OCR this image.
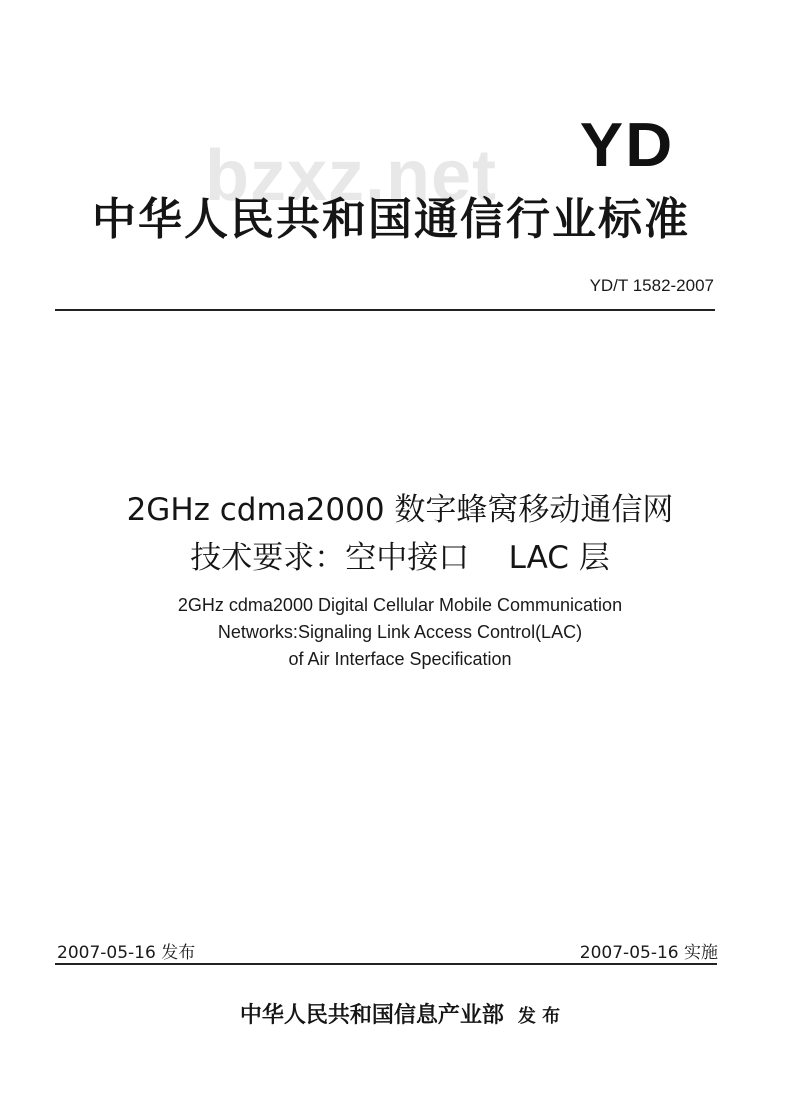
bzxz.net YD
中华人民共和国通信行业标准
YD/T 1582-2007
2GHz cdma2000 数字蜂窝移动通信网
技术要求：空中接口    LAC 层
2GHz cdma2000 Digital Cellular Mobile Communication
Networks:Signaling Link Access Control(LAC)
of Air Interface Specification
2007-05-16 发布	2007-05-16 实施
中华人民共和国信息产业部 发 布
